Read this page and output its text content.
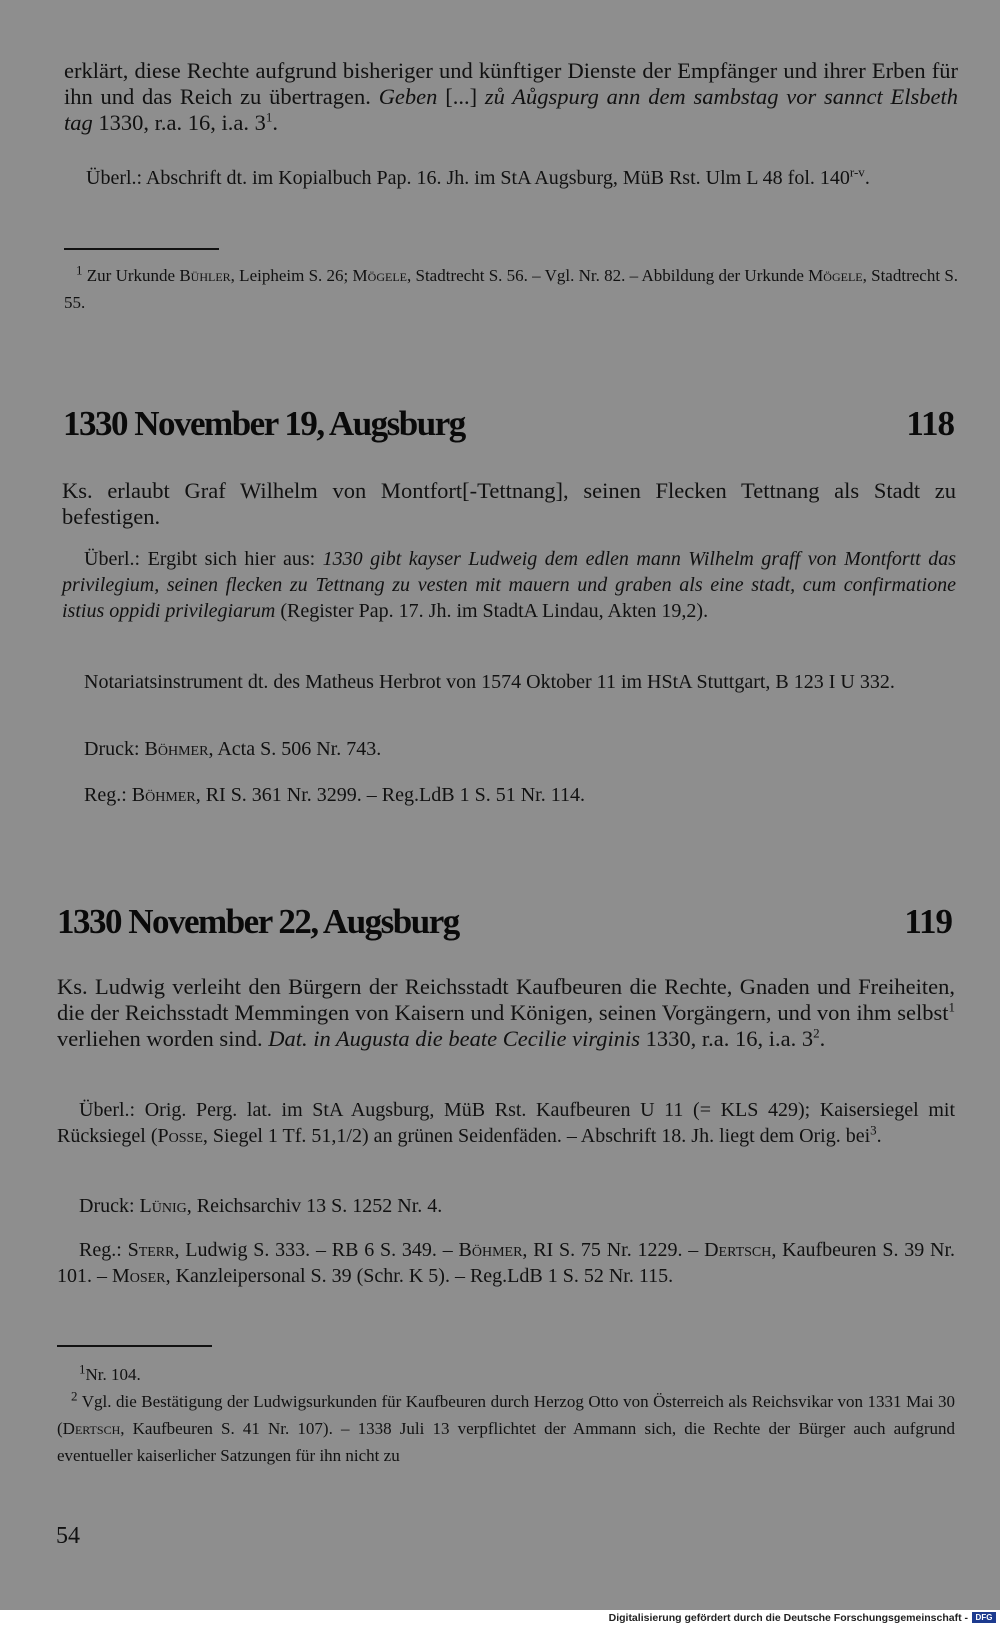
erklärt, diese Rechte aufgrund bisheriger und künftiger Dienste der Empfänger und ihrer Erben für ihn und das Reich zu übertragen. Geben [...] zů Aůgspurg ann dem sambstag vor sannct Elsbeth tag 1330, r.a. 16, i.a. $3^1$.
Überl.: Abschrift dt. im Kopialbuch Pap. 16. Jh. im StA Augsburg, MüB Rst. Ulm L 48 fol. 140$^{r-v}$.
$^1$ Zur Urkunde Bühler, Leipheim S. 26; Mögele, Stadtrecht S. 56. – Vgl. Nr. 82. – Abbildung der Urkunde Mögele, Stadtrecht S. 55.
1330 November 19, Augsburg	118
Ks. erlaubt Graf Wilhelm von Montfort[-Tettnang], seinen Flecken Tettnang als Stadt zu befestigen.
Überl.: Ergibt sich hier aus: 1330 gibt kayser Ludweig dem edlen mann Wilhelm graff von Montfortt das privilegium, seinen flecken zu Tettnang zu vesten mit mauern und graben als eine stadt, cum confirmatione istius oppidi privilegiarum (Register Pap. 17. Jh. im StadtA Lindau, Akten 19,2).
Notariatsinstrument dt. des Matheus Herbrot von 1574 Oktober 11 im HStA Stuttgart, B 123 I U 332.
Druck: Böhmer, Acta S. 506 Nr. 743.
Reg.: Böhmer, RI S. 361 Nr. 3299. – Reg.LdB 1 S. 51 Nr. 114.
1330 November 22, Augsburg	119
Ks. Ludwig verleiht den Bürgern der Reichsstadt Kaufbeuren die Rechte, Gnaden und Freiheiten, die der Reichsstadt Memmingen von Kaisern und Königen, seinen Vorgängern, und von ihm selbst$^1$ verliehen worden sind. Dat. in Augusta die beate Cecilie virginis 1330, r.a. 16, i.a. $3^2$.
Überl.: Orig. Perg. lat. im StA Augsburg, MüB Rst. Kaufbeuren U 11 (= KLS 429); Kaisersiegel mit Rücksiegel (Posse, Siegel 1 Tf. 51,1/2) an grünen Seidenfäden. – Abschrift 18. Jh. liegt dem Orig. bei$^3$.
Druck: Lünig, Reichsarchiv 13 S. 1252 Nr. 4.
Reg.: Sterr, Ludwig S. 333. – RB 6 S. 349. – Böhmer, RI S. 75 Nr. 1229. – Dertsch, Kaufbeuren S. 39 Nr. 101. – Moser, Kanzleipersonal S. 39 (Schr. K 5). – Reg.LdB 1 S. 52 Nr. 115.
$^1$Nr. 104.
$^2$ Vgl. die Bestätigung der Ludwigsurkunden für Kaufbeuren durch Herzog Otto von Österreich als Reichsvikar von 1331 Mai 30 (Dertsch, Kaufbeuren S. 41 Nr. 107). – 1338 Juli 13 verpflichtet der Ammann sich, die Rechte der Bürger auch aufgrund eventueller kaiserlicher Satzungen für ihn nicht zu
54
Digitalisierung gefördert durch die Deutsche Forschungsgemeinschaft - DFG
